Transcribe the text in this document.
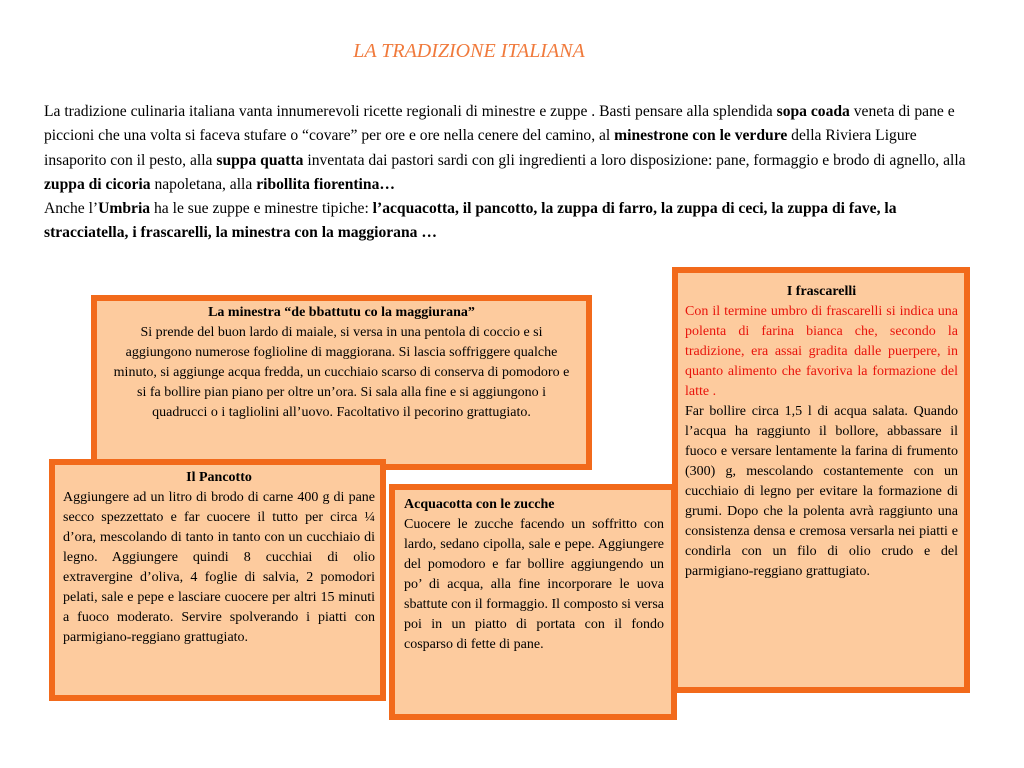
LA TRADIZIONE ITALIANA
La tradizione culinaria italiana vanta innumerevoli ricette regionali di minestre e zuppe . Basti pensare alla splendida sopa coada veneta di pane e piccioni che una volta si faceva stufare o “covare” per ore e ore nella cenere del camino, al minestrone con le verdure della Riviera Ligure insaporito con il pesto, alla suppa quatta inventata dai pastori sardi con gli ingredienti a loro disposizione: pane, formaggio e brodo di agnello, alla zuppa di cicoria napoletana, alla ribollita fiorentina…
Anche l’Umbria ha le sue zuppe e minestre tipiche: l’acquacotta, il pancotto, la zuppa di farro, la zuppa di ceci, la zuppa di fave, la stracciatella, i frascarelli, la minestra con la maggiorana …
La minestra “de bbattutu co la maggiurana”
Si prende del buon lardo di maiale, si versa in una pentola di coccio e si aggiungono numerose foglioline di maggiorana. Si lascia soffriggere qualche minuto, si aggiunge acqua fredda, un cucchiaio scarso di conserva di pomodoro e si fa bollire pian piano per oltre un’ora. Si sala alla fine e si aggiungono i quadrucci o i tagliolini all’uovo. Facoltativo il pecorino grattugiato.
Il Pancotto
Aggiungere ad un litro di brodo di carne 400 g di pane secco spezzettato e far cuocere il tutto per circa ¼ d’ora, mescolando di tanto in tanto con un cucchiaio di legno. Aggiungere quindi 8 cucchiai di olio extravergine d’oliva, 4 foglie di salvia, 2 pomodori pelati, sale e pepe e lasciare cuocere per altri 15 minuti a fuoco moderato. Servire spolverando i piatti con parmigiano-reggiano grattugiato.
Acquacotta con le zucche
Cuocere le zucche facendo un soffritto con lardo, sedano cipolla, sale e pepe. Aggiungere del pomodoro e far bollire aggiungendo un po’ di acqua, alla fine incorporare le uova sbattute con il formaggio. Il composto si versa poi in un piatto di portata con il fondo cosparso di fette di pane.
I frascarelli
Con il termine umbro di frascarelli si indica una polenta di farina bianca che, secondo la tradizione, era assai gradita dalle puerpere, in quanto alimento che favoriva la formazione del latte .
Far bollire circa 1,5 l di acqua salata. Quando l’acqua ha raggiunto il bollore, abbassare il fuoco e versare lentamente la farina di frumento (300) g, mescolando costantemente con un cucchiaio di legno per evitare la formazione di grumi. Dopo che la polenta avrà raggiunto una consistenza densa e cremosa versarla nei piatti e condirla con un filo di olio crudo e del parmigiano-reggiano grattugiato.
